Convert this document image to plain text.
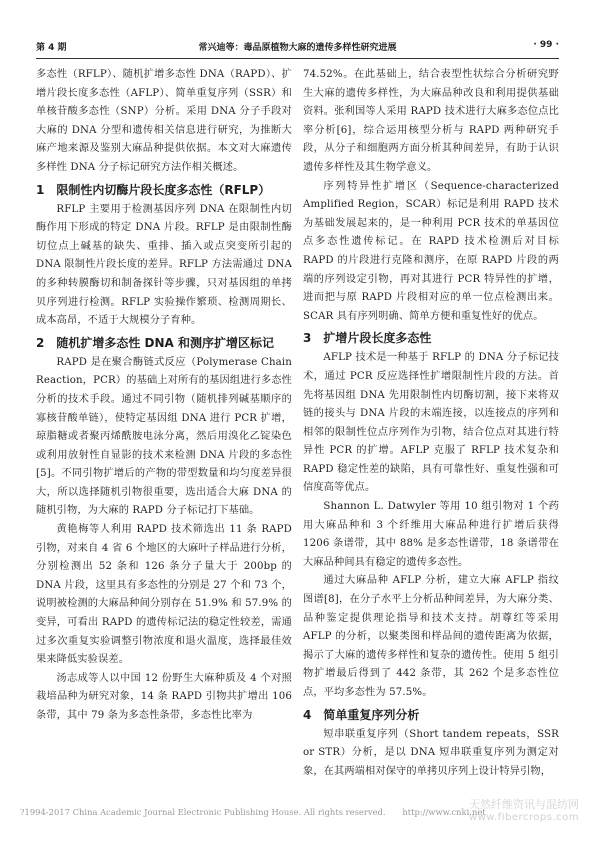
第 4 期	常兴迪等：毒品原植物大麻的遗传多样性研究进展	· 99 ·

多态性（RFLP）、随机扩增多态性 DNA（RAPD）、扩增片段长度多态性（AFLP）、简单重复序列（SSR）和单核苷酸多态性（SNP）分析。采用 DNA 分子手段对大麻的 DNA 分型和遗传相关信息进行研究，为推断大麻产地来源及鉴别大麻品种提供依据。本文对大麻遗传多样性 DNA 分子标记研究方法作相关概述。

1　限制性内切酶片段长度多态性（RFLP）

RFLP 主要用于检测基因序列 DNA 在限制性内切酶作用下形成的特定 DNA 片段。RFLP 是由限制性酶切位点上碱基的缺失、重排、插入或点突变所引起的 DNA 限制性片段长度的差异。RFLP 方法需通过 DNA 的多种转膜酶切和制备探针等步骤，只对基因组的单拷贝序列进行检测。RFLP 实验操作繁琐、检测周期长、成本高昂，不适于大规模分子育种。

2　随机扩增多态性 DNA 和测序扩增区标记

RAPD 是在聚合酶链式反应（Polymerase Chain Reaction，PCR）的基础上对所有的基因组进行多态性分析的技术手段。通过不同引物（随机排列碱基顺序的寡核苷酸单链），使特定基因组 DNA 进行 PCR 扩增，琼脂糖或者聚丙烯酰胺电泳分离，然后用溴化乙锭染色或利用放射性自显影的技术来检测 DNA 片段的多态性[5]。不同引物扩增后的产物的带型数量和均匀度差异很大，所以选择随机引物很重要，选出适合大麻 DNA 的随机引物，为大麻的 RAPD 分子标记打下基础。

黄艳梅等人利用 RAPD 技术筛选出 11 条 RAPD 引物，对来自 4 省 6 个地区的大麻叶子样品进行分析，分别检测出 52 条和 126 条分子量大于 200bp 的 DNA 片段，这里具有多态性的分别是 27 个和 73 个，说明被检测的大麻品种间分别存在 51.9% 和 57.9% 的变异，可看出 RAPD 的遗传标记法的稳定性较差，需通过多次重复实验调整引物浓度和退火温度，选择最佳效果来降低实验误差。

汤志成等人以中国 12 份野生大麻种质及 4 个对照栽培品种为研究对象，14 条 RAPD 引物共扩增出 106 条带，其中 79 条为多态性条带，多态性比率为

74.52%。在此基础上，结合表型性状综合分析研究野生大麻的遗传多样性，为大麻品种改良和利用提供基础资料。张利国等人采用 RAPD 技术进行大麻多态位点比率分析[6]，综合运用核型分析与 RAPD 两种研究手段，从分子和细胞两方面分析其种间差异，有助于认识遗传多样性及其生物学意义。

序列特异性扩增区（Sequence-characterized Amplified Region，SCAR）标记是利用 RAPD 技术为基础发展起来的，是一种利用 PCR 技术的单基因位点多态性遗传标记。在 RAPD 技术检测后对目标 RAPD 的片段进行克隆和测序，在原 RAPD 片段的两端的序列设定引物，再对其进行 PCR 特异性的扩增，进而把与原 RAPD 片段相对应的单一位点检测出来。SCAR 具有序列明确、简单方便和重复性好的优点。

3　扩增片段长度多态性

AFLP 技术是一种基于 RFLP 的 DNA 分子标记技术，通过 PCR 反应选择性扩增限制性片段的方法。首先将基因组 DNA 先用限制性内切酶切割，接下来将双链的接头与 DNA 片段的末端连接，以连接点的序列和相邻的限制性位点序列作为引物，结合位点对其进行特异性 PCR 的扩增。AFLP 克服了 RFLP 技术复杂和 RAPD 稳定性差的缺陷，具有可靠性好、重复性强和可信度高等优点。

Shannon L. Datwyler 等用 10 组引物对 1 个药用大麻品种和 3 个纤维用大麻品种进行扩增后获得 1206 条谱带，其中 88% 是多态性谱带，18 条谱带在大麻品种间具有稳定的遗传多态性。

通过大麻品种 AFLP 分析，建立大麻 AFLP 指纹图谱[8]，在分子水平上分析品种间差异，为大麻分类、品种鉴定提供理论指导和技术支持。胡尊红等采用 AFLP 的分析，以聚类图和样品间的遗传距离为依据，揭示了大麻的遗传多样性和复杂的遗传性。使用 5 组引物扩增最后得到了 442 条带，其 262 个是多态性位点，平均多态性为 57.5%。

4　简单重复序列分析

短串联重复序列（Short tandem repeats，SSR or STR）分析，是以 DNA 短串联重复序列为测定对象，在其两端相对保守的单拷贝序列上设计特异引物，

?1994-2017 China Academic Journal Electronic Publishing House. All rights reserved.　　http://www.cnki.net
天然纤维资讯与混纺网
www.fibercrops.com
